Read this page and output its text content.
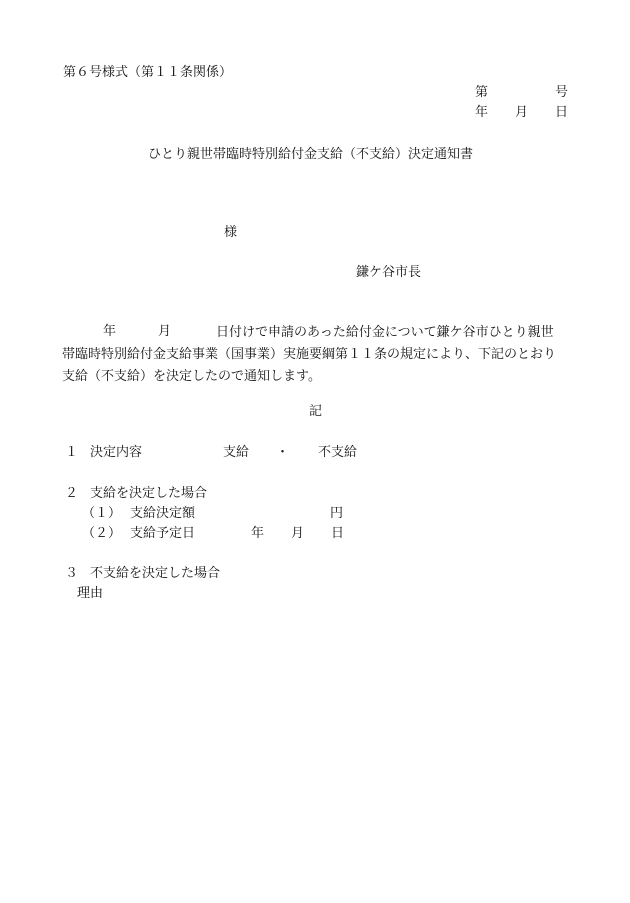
第６号様式（第１１条関係）
第	号
年 月 日
ひとり親世帯臨時特別給付金支給（不支給）決定通知書
様
鎌ケ谷市長
年	月	日付けで申請のあった給付金について鎌ケ谷市ひとり親世
帯臨時特別給付金支給事業（国事業）実施要綱第１１条の規定により、下記のとおり
支給（不支給）を決定したので通知します。
記
１ 決定内容	支給 ・ 不支給
２ 支給を決定した場合
（１） 支給決定額	円
（２） 支給予定日	年 月 日
３ 不支給を決定した場合
理由
